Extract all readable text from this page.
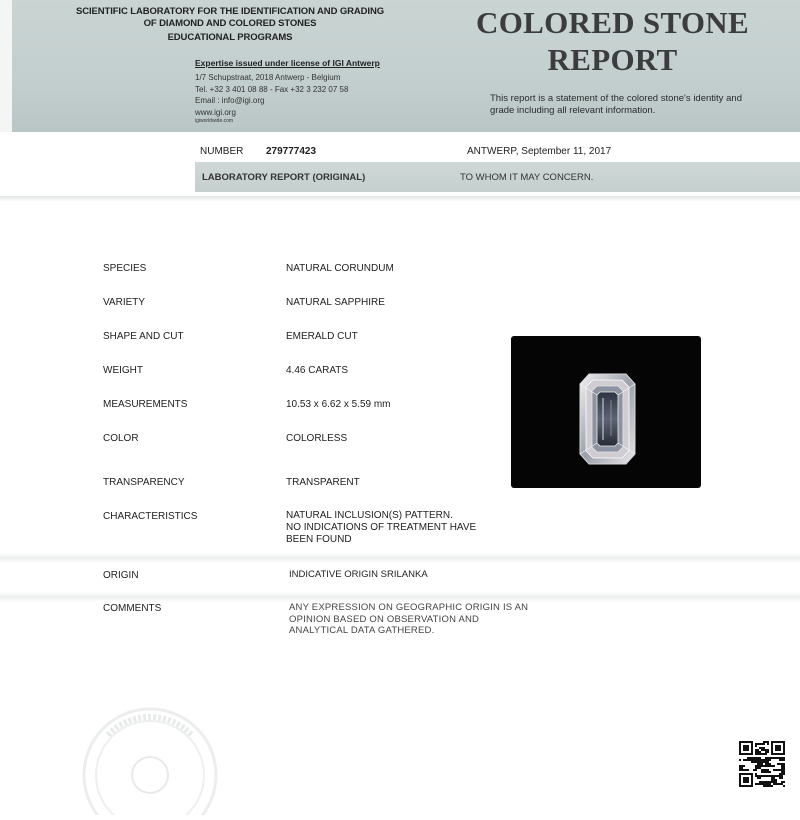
SCIENTIFIC LABORATORY FOR THE IDENTIFICATION AND GRADING
OF DIAMOND AND COLORED STONES
EDUCATIONAL PROGRAMS
Expertise issued under license of IGI Antwerp
1/7 Schupstraat, 2018 Antwerp - Belgium
Tel. +32 3 401 08 88 - Fax +32 3 232 07 58
Email : info@igi.org
www.igi.org
igiworldwide.com
COLORED STONE
REPORT
This report is a statement of the colored stone's identity and grade including all relevant information.
NUMBER 279777423	ANTWERP, September 11, 2017
LABORATORY REPORT (ORIGINAL)	TO WHOM IT MAY CONCERN.
SPECIES	NATURAL CORUNDUM
VARIETY	NATURAL SAPPHIRE
SHAPE AND CUT	EMERALD CUT
WEIGHT	4.46 CARATS
MEASUREMENTS	10.53 x 6.62 x 5.59 mm
COLOR	COLORLESS
TRANSPARENCY	TRANSPARENT
CHARACTERISTICS	NATURAL INCLUSION(S) PATTERN.
NO INDICATIONS OF TREATMENT HAVE
BEEN FOUND
ORIGIN	INDICATIVE ORIGIN SRILANKA
COMMENTS	ANY EXPRESSION ON GEOGRAPHIC ORIGIN IS AN
OPINION BASED ON OBSERVATION AND
ANALYTICAL DATA GATHERED.
